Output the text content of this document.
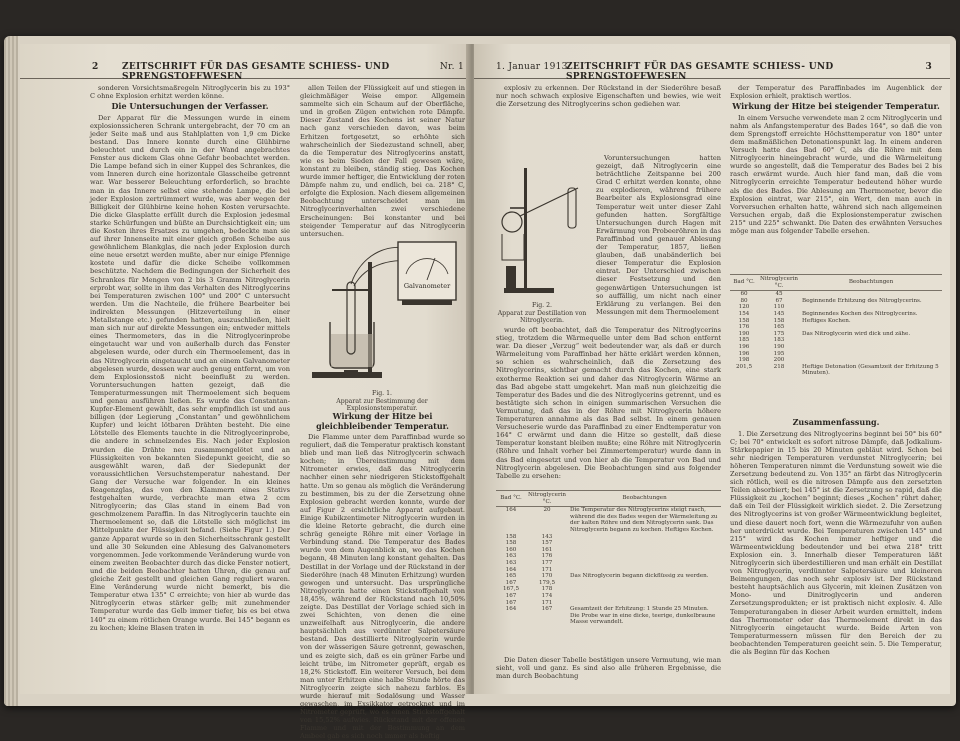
2	ZEITSCHRIFT FÜR DAS GESAMTE SCHIESS- UND SPRENGSTOFFWESEN
Nr. 1

sonderen Vorsichtsmaßregeln Nitroglycerin bis zu 193° C ohne Explosion erhitzt werden könne.

Die Untersuchungen der Verfasser.

Der Apparat für die Messungen wurde in einem explosionssicheren Schrank untergebracht, der 70 cm an jeder Seite maß und aus Stahlplatten von 1,9 cm Dicke bestand. Das Innere konnte durch eine Glühbirne beleuchtet und durch ein in der Wand angebrachtes Fenster aus dickem Glas ohne Gefahr beobachtet werden. Die Lampe befand sich in einer Kuppel des Schrankes, die vom Inneren durch eine horizontale Glasscheibe getrennt war. War besserer Beleuchtung erforderlich, so brachte man in das Innere selbst eine stehende Lampe, die bei jeder Explosion zertrümmert wurde, was aber wegen der Billigkeit der Glühbirne keine hohen Kosten verursachte. Die dicke Glasplatte erfüllt durch die Explosion jedesmal starke Schürfungen und büßte an Durchsichtigkeit ein; um die Kosten ihres Ersatzes zu umgehen, bedeckte man sie auf ihrer Innenseite mit einer gleich großen Scheibe aus gewöhnlichem Blankglas, die nach jeder Explosion durch eine neue ersetzt werden mußte, aber nur einige Pfennige kostete und dafür die dicke Scheibe vollkommen beschützte. Nachdem die Bedingungen der Sicherheit des Schrankes für Mengen von 2 bis 3 Gramm Nitroglycerin erprobt war, sollte in ihm das Verhalten des Nitroglycerins bei Temperaturen zwischen 100° und 200° C untersucht werden. Um die Nachteile, die frühere Bearbeiter bei indirekten Messungen (Hitzeverteilung in einer Metallstange etc.) gefunden hatten, auszuschließen, hielt man sich nur auf direkte Messungen ein; entweder mittels eines Thermometers, das in die Nitroglycerinprobe eingetaucht war und von außerhalb durch das Fenster abgelesen wurde, oder durch ein Thermoelement, das in das Nitroglycerin eingetaucht und an einem Galvanometer abgelesen wurde, dessen war auch genug entfernt, um von dem Explosionsstoß nicht beeinflußt zu werden. Voruntersuchungen hatten gezeigt, daß die Temperaturmessungen mit Thermoelement sich bequem und genau ausführen ließen. Es wurde das Constantan-Kupfer-Element gewählt, das sehr empfindlich ist und aus billigen (der Legierung „Constantan“ und gewöhnlichem Kupfer) und leicht lötbaren Drähten besteht. Die eine Lötstelle des Elements tauchte in die Nitroglycerinprobe, die andere in schmelzendes Eis. Nach jeder Explosion wurden die Drähte neu zusammengelötet und an Flüssigkeiten von bekannten Siedepunkt geeicht, die so ausgewählt waren, daß der Siedepunkt der voraussichtlichen Versuchstemperatur nahestand. Der Gang der Versuche war folgender. In ein kleines Reagenzglas, das von den Klammern eines Stativs festgehalten wurde, verbrachte man etwa 2 ccm Nitroglycerin; das Glas stand in einem Bad von geschmolzenem Paraffin. In das Nitroglycerin tauchte ein Thermoelement so, daß die Lötstelle sich möglichst im Mittelpunkte der Flüssigkeit befand. (Siehe Figur 1.) Der ganze Apparat wurde so in den Sicherheitsschrank gestellt und alle 30 Sekunden eine Ablesung des Galvanometers vorgenommen. Jede vorkommende Veränderung wurde von einem zweiten Beobachter durch das dicke Fenster notiert, und die beiden Beobachter hatten Uhren, die genau auf gleiche Zeit gestellt und gleichen Gang reguliert waren. Eine Veränderung wurde nicht bemerkt, bis die Temperatur etwa 135° C erreichte; von hier ab wurde das Nitroglycerin etwas stärker gelb; mit zunehmender Temperatur wurde das Gelb immer tiefer, bis es bei etwa 140° zu einem rötlichen Orange wurde. Bei 145° begann es zu kochen; kleine Blasen traten in

allen Teilen der Flüssigkeit auf und stiegen in gleichmäßiger Weise empor. Allgemein sammelte sich ein Schaum auf der Oberfläche, und in großen Zügen entwichen rote Dämpfe. Dieser Zustand des Kochens ist seiner Natur nach ganz verschieden davon, was beim Erhitzen fortgesetzt, so erhöhte sich wahrscheinlich der Siedezustand schnell, aber, da die Temperatur des Nitroglycerins anstatt, wie es beim Sieden der Fall gewesen wäre, konstant zu bleiben, ständig stieg. Das Kochen wurde immer heftiger, die Entwicklung der roten Dämpfe nahm zu, und endlich, bei ca. 218° C, erfolgte die Explosion. Nach diesem allgemeinen Beobachtung unterscheidet man im Nitroglycerinverhalten zwei verschiedene Erscheinungen: Bei konstanter und bei steigender Temperatur auf das Nitroglycerin untersuchen.

Galvanometer
Fig. 1.
Apparat zur Bestimmung der Explosionstemperatur.
Wirkung der Hitze bei gleichbleibender Temperatur.

Die Flamme unter dem Paraffinbad wurde so reguliert, daß die Temperatur praktisch konstant blieb und man ließ das Nitroglycerin schwach kochen; in Übereinstimmung mit dem Nitrometer erwies, daß das Nitroglycerin nachher einen sehr niedrigeren Stickstoffgehalt hatte. Um so genau als möglich die Veränderung zu bestimmen, bis zu der die Zersetzung ohne Explosion gebracht werden konnte, wurde der auf Figur 2 ersichtliche Apparat aufgebaut. Einige Kubikzentimeter Nitroglycerin wurden in die kleine Retorte gebracht, die durch eine schräg geneigte Röhre mit einer Vorlage in Verbindung stand. Die Temperatur des Bades wurde von dem Augenblick an, wo das Kochen begann, 48 Minuten lang konstant gehalten. Das Destillat in der Vorlage und der Rückstand in der Siederöhre (nach 48 Minuten Erhitzung) wurden gewogen und untersucht. Das ursprüngliche Nitroglycerin hatte einen Stickstoffgehalt von 18,45%, während der Rückstand nach 10,50% zeigte. Das Destillat der Vorlage schied sich in zwei Schichten, von denen die eine unzweifelhaft aus Nitroglycerin, die andere hauptsächlich aus verdünnter Salpetersäure bestand. Das destillierte Nitroglycerin wurde von der wässerigen Säure getrennt, gewaschen, und es zeigte sich, daß es ein grüner Farbe und leicht trübe, im Nitrometer geprüft, ergab es 18,2% Stickstoff. Ein weiterer Versuch, bei dem man unter Erhitzen eine halbe Stunde hörte das Nitroglycerin zeigte sich nahezu farblos. Es wurde hierauf mit Sodalösung und Wasser gewaschen, im Exsikkator getrocknet und im Nitrometer geprüft, wo es einen Stickstoffgehalt von 15,52% aufwies. Rückstand mit der offenen Flamme und mit der Bestimmung an dem Ambeel gab es sich noch immer als heftig

1. Januar 1913.
ZEITSCHRIFT FÜR DAS GESAMTE SCHIESS- UND SPRENGSTOFFWESEN
3

explosiv zu erkennen. Der Rückstand in der Siederöhre besaß nur noch schwach explosive Eigenschaften und bewies, wie weit die Zersetzung des Nitroglycerins schon gediehen war.

Fig. 2.
Apparat zur Destillation von Nitroglycerin.

Voruntersuchungen hatten gezeigt, daß Nitroglycerin eine beträchtliche Zeitspanne bei 200 Grad C erhitzt werden konnte, ohne zu explodieren, während frühere Bearbeiter als Explosionsgrad eine Temperatur weit unter dieser Zahl gefunden hatten. Sorgfältige Untersuchungen durch Hagen mit Erwärmung von Probeeröhren in das Paraffinbad und genauer Ablesung der Temperatur, 1857, ließen glauben, daß unabänderlich bei dieser Temperatur die Explosion eintrat. Der Unterschied zwischen dieser Festsetzung und den gegenwärtigen Untersuchungen ist so auffällig, um nicht nach einer Erklärung zu verlangen. Bei den Messungen mit dem Thermoelement

wurde oft beobachtet, daß die Temperatur des Nitroglycerins stieg, trotzdem die Wärmequelle unter dem Bad schon entfernt war. Da dieser „Verzug“ weit bedeutender war, als daß er durch Wärmeleitung vom Paraffinbad her hätte erklärt werden können, so schien es wahrscheinlich, daß die Zersetzung des Nitroglycerins, sichtbar gemacht durch das Kochen, eine stark exotherme Reaktion sei und daher das Nitroglycerin Wärme an das Bad abgebe statt umgekehrt. Man maß nun gleichzeitig die Temperatur des Bades und die des Nitroglycerins getrennt, und es bestätigte sich schon in einigen summarischen Versuchen die Vermutung, daß das in der Röhre mit Nitroglycerin höhere Temperaturen annahme als das Bad selbst. In einem genauen Versucheserie wurde das Paraffinbad zu einer Endtemperatur von 164° C erwärmt und dann die Hitze so gestellt, daß diese Temperatur konstant bleiben mußte; eine Röhre mit Nitroglycerin (Röhre und Inhalt vorher bei Zimmertemperatur) wurde dann in das Bad eingesetzt und von hier ab die Temperatur von Bad und Nitroglycerin abgelesen. Die Beobachtungen sind aus folgender Tabelle zu ersehen:

Bad °C.	Nitroglycerin °C.	Beobachtungen
164	20	Die Temperatur des Nitroglycerins steigt rasch, während die des Bades wegen der Wärmeleitung zu der kalten Röhre und dem Nitroglycerin sank. Das Nitroglycerin begann zu kochen. Heftiges Kochen.
158	143	
158	157	
160	161	
163	176	
163	177	
164	171	
165	170	Das Nitroglycerin begann dickflüssig zu werden.
167	179,5	
167,5	178	
167	174	
167	171	
164	167	Gesamtzeit der Erhitzung: 1 Stunde 25 Minuten. Die Probe war in eine dicke, teerige, dunkelbraune Masse verwandelt.

Die Daten dieser Tabelle bestätigen unsere Vermutung, wie man sieht, voll und ganz. Es sind also alle früheren Ergebnisse, die man durch Beobachtung

der Temperatur des Paraffinbades im Augenblick der Explosion erhielt, praktisch wertlos.

Wirkung der Hitze bei steigender Temperatur.

In einem Versuche verwendete man 2 ccm Nitroglycerin und nahm als Anfangstemperatur des Bades 164°, so daß die von dem Sprengstoff erreichte Höchsttemperatur von 180° unter dem maßmäßlichen Detonationspunkt lag. In einem anderen Versuch hatte das Bad 60° C, als die Röhre mit dem Nitroglycerin hineingebracht wurde, und die Wärmeleitung wurde so angestellt, daß die Temperatur des Bades bei 2 bis rasch erwärmt wurde. Auch hier fand man, daß die vom Nitroglycerin erreichte Temperatur bedeutend höher wurde als die des Bades. Die Ablesung am Thermometer, bevor die Explosion eintrat, war 215°, ein Wert, den man auch in Vorversuchen erhalten hatte, während sich nach allgemeinen Versuchen ergab, daß die Explosionstemperatur zwischen 215° und 225° schwankt. Die Daten des erwähnten Versuches möge man aus folgender Tabelle ersehen.

Bad °C.	Nitroglycerin °C.	Beobachtungen
60	45	
80	67	Beginnende Erhitzung des Nitroglycerins.
120	110	
154	145	Beginnendes Kochen des Nitroglycerins.
158	158	Heftiges Kochen.
176	165	
190	175	Das Nitroglycerin wird dick und zähe.
185	183	
196	190	
196	195	
198	200	
201,5	218	Heftige Detonation (Gesamtzeit der Erhitzung 5 Minuten).
Zusammenfassung.

1. Die Zersetzung des Nitroglycerins beginnt bei 50° bis 60° C; bei 70° entwickelt es sofort nitrose Dämpfe, daß Jodkalium-Stärkepapier in 15 bis 20 Minuten gebläut wird. Schon bei sehr niedrigen Temperaturen verdunstet Nitroglycerin; bei höheren Temperaturen nimmt die Verdunstung soweit wie die Zersetzung bedeutend zu. Von 135° an färbt das Nitroglycerin sich rötlich, weil es die nitrosen Dämpfe aus den zersetzten Teilen absorbiert; bei 145° ist die Zersetzung so rapid, daß die Flüssigkeit zu „kochen“ beginnt; dieses „Kochen“ rührt daher, daß ein Teil der Flüssigkeit wirklich siedet. 2. Die Zersetzung des Nitroglycerins ist von großer Wärmeentwicklung begleitet, und diese dauert noch fort, wenn die Wärmezufuhr von außen her unterdrückt wurde. Bei Temperaturen zwischen 145° und 215° wird das Kochen immer heftiger und die Wärmeentwicklung bedeutender und bei etwa 218° tritt Explosion ein. 3. Innerhalb dieser Temperaturen läßt Nitroglycerin sich überdestillieren und man erhält ein Destillat von Nitroglycerin, verdünnter Salpetersäure und kleineren Beimengungen, das noch sehr explosiv ist. Der Rückstand besteht hauptsächlich aus Glycerin, mit kleinen Zusätzen von Mono- und Dinitroglycerin und anderen Zersetzungsprodukten; er ist praktisch nicht explosiv. 4. Alle Temperaturangaben in dieser Arbeit wurden ermittelt, indem das Thermometer oder das Thermoelement direkt in das Nitroglycerin eingetaucht wurde. Beide Arten von Temperaturmessern müssen für den Bereich der zu beobachtenden Temperaturen geeicht sein. 5. Die Temperatur, die als Beginn für das Kochen
